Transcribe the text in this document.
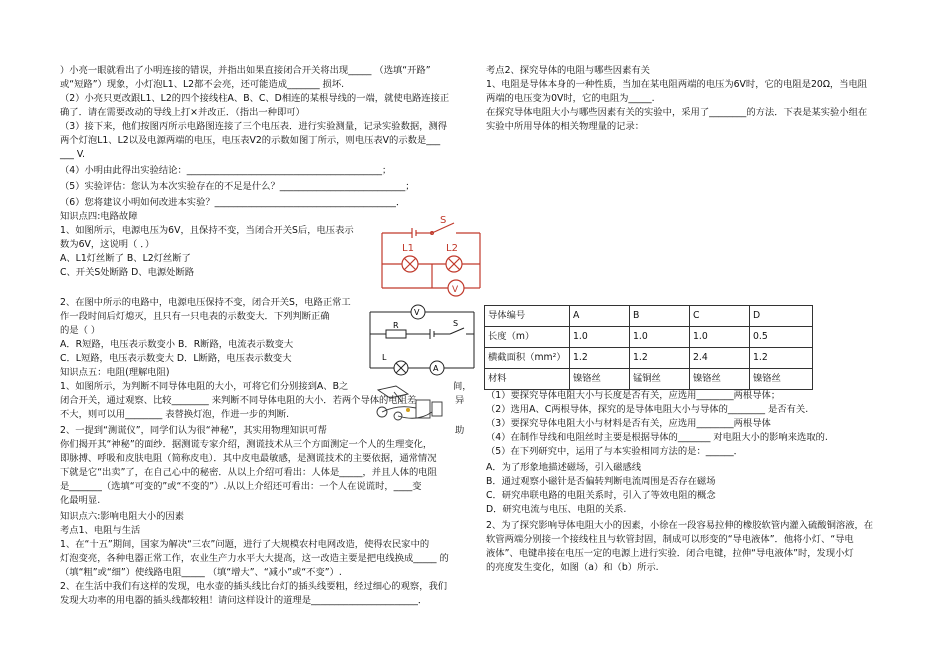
）小亮一眼就看出了小明连接的错误，并指出如果直接闭合开关将出现_____ （选填“开路”
或“短路”）现象，小灯泡L1、L2都不会亮，还可能造成_______ 损坏.
（2）小亮只更改跟L1、L2的四个接线柱A、B、C、D相连的某根导线的一端，就使电路连接正
确了．请在需要改动的导线上打×并改正．（指出一种即可）
（3）接下来，他们按图丙所示电路图连接了三个电压表．进行实验测量，记录实验数据，测得
两个灯泡L1、L2以及电源两端的电压，电压表V2的示数如图丁所示，则电压表V的示数是___
___ V.
（4）小明由此得出实验结论：__________________________________________；
（5）实验评估：您认为本次实验存在的不足是什么？___________________________；
（6）您将建议小明如何改进本实验？_______________________________________．
知识点四:电路故障
1、如图所示，电源电压为6V，且保持不变，当闭合开关S后，电压表示
数为6V，这说明（ ．）
A、L1灯丝断了 B、L2灯丝断了
C、开关S处断路 D、电源处断路
2、在图中所示的电路中，电源电压保持不变，闭合开关S，电路正常工
作一段时间后灯熄灭，且只有一只电表的示数变大．下列判断正确
的是（ ）
A．R短路，电压表示数变小 B．R断路，电流表示数变大
C．L短路，电压表示数变大 D．L断路，电压表示数变大
知识点五：电阻(理解电阻)
1、如图所示，为判断不同导体电阻的大小，可将它们分别接到A、B之
闭合开关，通过观察、比较________ 来判断不同导体电阻的大小．若两个导体的电阻差
不大，则可以用________ 表替换灯泡，作进一步的判断.
2、一提到“测谎仪”，同学们认为很“神秘”，其实用物理知识可帮
你们揭开其“神秘”的面纱．据测谎专家介绍，测谎技术从三个方面测定一个人的生理变化，
即脉搏、呼吸和皮肤电阻（简称皮电）．其中皮电最敏感，是测谎技术的主要依据，通常情况
下就是它“出卖”了，在自己心中的秘密．从以上介绍可看出：人体是_____，并且人体的电阻
是_______（选填“可变的”或“不变的”）.从以上介绍还可看出：一个人在说谎时，____变
化最明显.
知识点六:影响电阻大小的因素
考点1、电阻与生活
1、在“十五”期间，国家为解决“三农”问题，进行了大规模农村电网改造，使得农民家中的
灯泡变亮，各种电器正常工作，农业生产力水平大大提高，这一改造主要是把电线换成_____ 的
（填“粗”或“细”）使线路电阻_____ （填“增大”、“减小”或“不变”）.
2、在生活中我们有这样的发现，电水壶的插头线比台灯的插头线要粗，经过细心的观察，我们
发现大功率的用电器的插头线都较粗！请问这样设计的道理是_______________________．
考点2、探究导体的电阻与哪些因素有关
1、电阻是导体本身的一种性质，当加在某电阻两端的电压为6V时，它的电阻是20Ω，当电阻
两端的电压变为0V时，它的电阻为_____.
在探究导体电阻大小与哪些因素有关的实验中，采用了________的方法．下表是某实验小组在
实验中所用导体的相关物理量的记录：
（1）要探究导体电阻大小与长度是否有关，应选用________两根导体；
（2）选用A、C两根导体，探究的是导体电阻大小与导体的________ 是否有关.
（3）要探究导体电阻大小与材料是否有关，应选用________两根导体
（4）在制作导线和电阻丝时主要是根据导体的_______ 对电阻大小的影响来选取的.
（5）在下列研究中，运用了与本实验相同方法的是：______．
A．为了形象地描述磁场，引入磁感线
B．通过观察小磁针是否偏转判断电流周围是否存在磁场
C．研究串联电路的电阻关系时，引入了等效电阻的概念
D．研究电流与电压、电阻的关系.
2、为了探究影响导体电阻大小的因素，小徐在一段容易拉伸的橡胶软管内灌入硫酸铜溶液，在
软管两端分别接一个接线柱且与软管封固，制成可以形变的“导电液体”．他将小灯、“导电
液体”、电键串接在电压一定的电源上进行实验．闭合电键，拉伸“导电液体”时，发现小灯
的亮度发生变化，如图（a）和（b）所示.
S
L1	L2
V
V
R	S
L
A
间，
异
助
导体编号	A	B	C	D
长度（m）	1.0	1.0	1.0	0.5
横截面积（mm²）	1.2	1.2	2.4	1.2
材料	镍铬丝	锰铜丝	镍铬丝	镍铬丝
